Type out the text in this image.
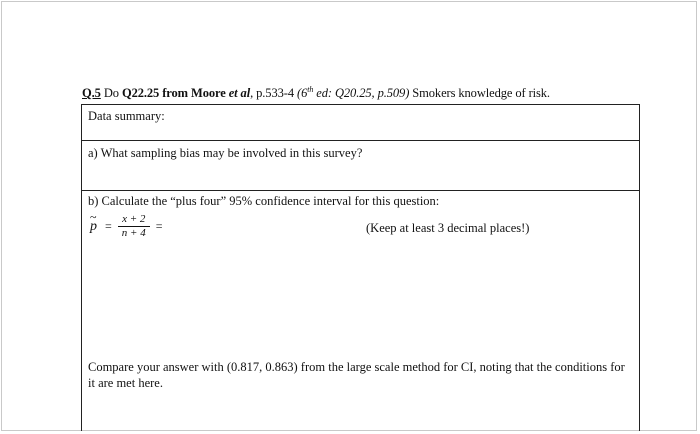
Q.5 Do Q22.25 from Moore et al, p.533-4 (6th ed: Q20.25, p.509) Smokers knowledge of risk.
Data summary:
a) What sampling bias may be involved in this survey?
b) Calculate the “plus four” 95% confidence interval for this question:
~ $p = \frac{x + 2}{n + 4}$ =	(Keep at least 3 decimal places!)
Compare your answer with (0.817, 0.863) from the large scale method for CI, noting that the conditions for it are met here.
